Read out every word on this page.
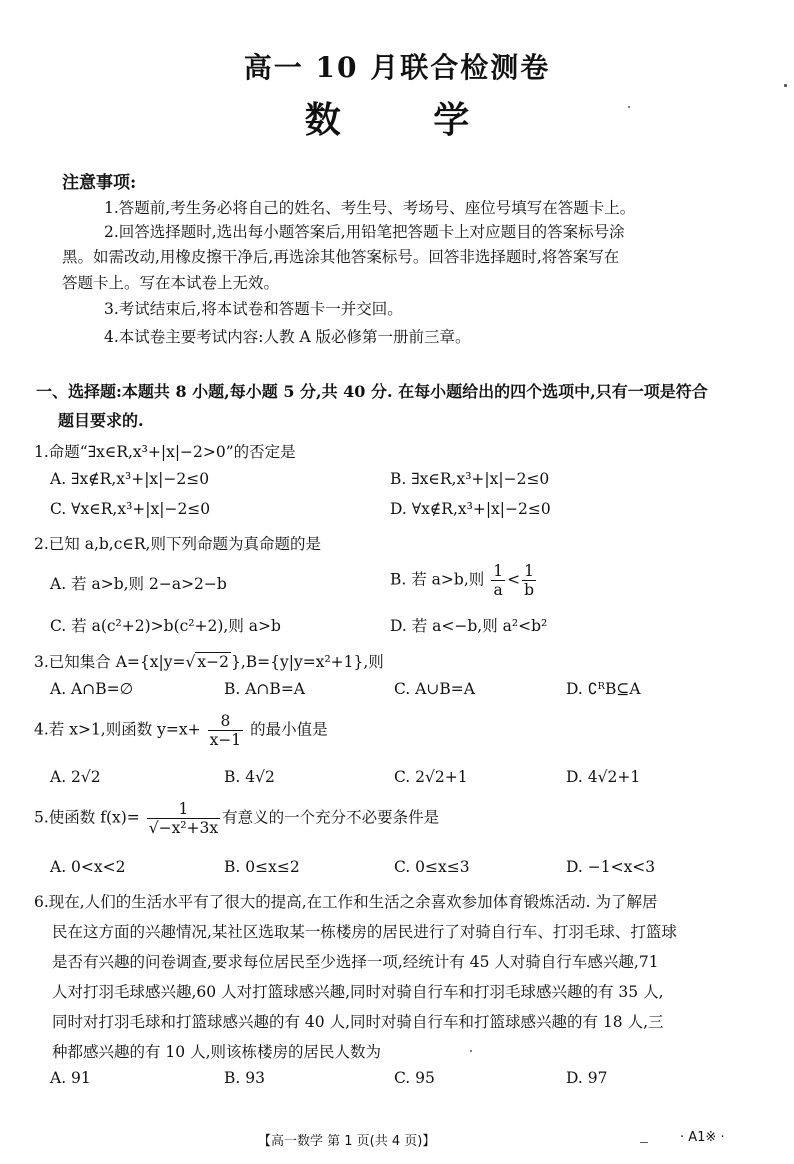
高一 10 月联合检测卷
数 学
注意事项:
1.答题前,考生务必将自己的姓名、考生号、考场号、座位号填写在答题卡上。
2.回答选择题时,选出每小题答案后,用铅笔把答题卡上对应题目的答案标号涂
黑。如需改动,用橡皮擦干净后,再选涂其他答案标号。回答非选择题时,将答案写在
答题卡上。写在本试卷上无效。
3.考试结束后,将本试卷和答题卡一并交回。
4.本试卷主要考试内容:人教 A 版必修第一册前三章。
一、选择题:本题共 8 小题,每小题 5 分,共 40 分. 在每小题给出的四个选项中,只有一项是符合
题目要求的.
1.命题“∃x∈R,x³+|x|−2>0”的否定是
A. ∃x∉R,x³+|x|−2≤0	B. ∃x∈R,x³+|x|−2≤0
C. ∀x∈R,x³+|x|−2≤0	D. ∀x∉R,x³+|x|−2≤0
2.已知 a,b,c∈R,则下列命题为真命题的是
A. 若 a>b,则 2−a>2−b	B. 若 a>b,则 $\frac{1}{a} < \frac{1}{b}$
C. 若 a(c²+2)>b(c²+2),则 a>b	D. 若 a<−b,则 a²<b²
3.已知集合 A={x|y=√ x−2 },B={y|y=x²+1},则
A. A∩B=∅	B. A∩B=A	C. A∪B=A	D. ∁ᴿB⊆A
4.若 x>1,则函数 $y=x+ \frac{8}{x-1}$ 的最小值是
A. 2√2	B. 4√2	C. 2√2+1	D. 4√2+1
5.使函数 $f(x)= \frac{1}{\text{√−x²+3x}}$ 有意义的一个充分不必要条件是
A. 0<x<2	B. 0≤x≤2	C. 0≤x≤3	D. −1<x<3
6.现在,人们的生活水平有了很大的提高,在工作和生活之余喜欢参加体育锻炼活动. 为了解居
民在这方面的兴趣情况,某社区选取某一栋楼房的居民进行了对骑自行车、打羽毛球、打篮球
是否有兴趣的问卷调查,要求每位居民至少选择一项,经统计有 45 人对骑自行车感兴趣,71
人对打羽毛球感兴趣,60 人对打篮球感兴趣,同时对骑自行车和打羽毛球感兴趣的有 35 人,
同时对打羽毛球和打篮球感兴趣的有 40 人,同时对骑自行车和打篮球感兴趣的有 18 人,三
种都感兴趣的有 10 人,则该栋楼房的居民人数为
A. 91	B. 93	C. 95	D. 97
【高一数学 第 1 页(共 4 页)】	· A1※ ·
